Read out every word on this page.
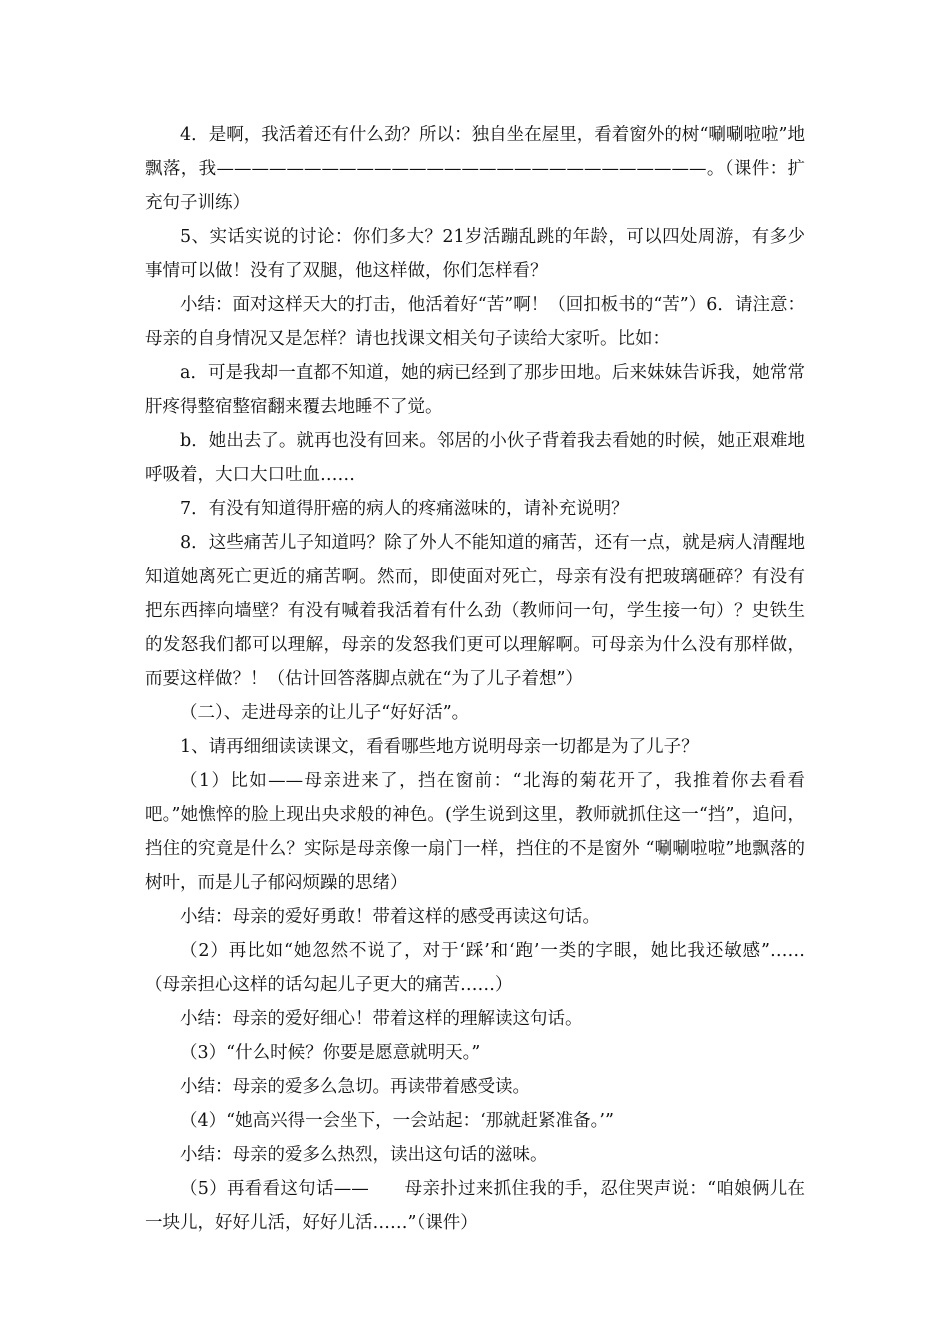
4．是啊，我活着还有什么劲？所以：独自坐在屋里，看着窗外的树“唰唰啦啦”地飘落，我————————————————————————————。（课件：扩充句子训练）

5、实话实说的讨论：你们多大？21岁活蹦乱跳的年龄，可以四处周游，有多少事情可以做！没有了双腿，他这样做，你们怎样看？

小结：面对这样天大的打击，他活着好“苦”啊！（回扣板书的“苦”）6．请注意：母亲的自身情况又是怎样？请也找课文相关句子读给大家听。比如：

a．可是我却一直都不知道，她的病已经到了那步田地。后来妹妹告诉我，她常常肝疼得整宿整宿翻来覆去地睡不了觉。

b．她出去了。就再也没有回来。邻居的小伙子背着我去看她的时候，她正艰难地呼吸着，大口大口吐血……

7．有没有知道得肝癌的病人的疼痛滋味的，请补充说明？

8．这些痛苦儿子知道吗？除了外人不能知道的痛苦，还有一点，就是病人清醒地知道她离死亡更近的痛苦啊。然而，即使面对死亡，母亲有没有把玻璃砸碎？有没有把东西摔向墙壁？有没有喊着我活着有什么劲（教师问一句，学生接一句）？史铁生的发怒我们都可以理解，母亲的发怒我们更可以理解啊。可母亲为什么没有那样做，而要这样做？！（估计回答落脚点就在“为了儿子着想”）

（二）、走进母亲的让儿子“好好活”。

1、请再细细读读课文，看看哪些地方说明母亲一切都是为了儿子？

（1）比如——母亲进来了，挡在窗前：“北海的菊花开了，我推着你去看看吧。”她憔悴的脸上现出央求般的神色。(学生说到这里，教师就抓住这一“挡”，追问，挡住的究竟是什么？实际是母亲像一扇门一样，挡住的不是窗外 “唰唰啦啦”地飘落的树叶，而是儿子郁闷烦躁的思绪）

小结：母亲的爱好勇敢！带着这样的感受再读这句话。

（2）再比如“她忽然不说了，对于‘踩’和‘跑’一类的字眼，她比我还敏感”……（母亲担心这样的话勾起儿子更大的痛苦……）

小结：母亲的爱好细心！带着这样的理解读这句话。

（3）“什么时候？你要是愿意就明天。”

小结：母亲的爱多么急切。再读带着感受读。

（4）“她高兴得一会坐下，一会站起：‘那就赶紧准备。’”

小结：母亲的爱多么热烈，读出这句话的滋味。

（5）再看看这句话——　　母亲扑过来抓住我的手，忍住哭声说：“咱娘俩儿在一块儿，好好儿活，好好儿活……”（课件）
